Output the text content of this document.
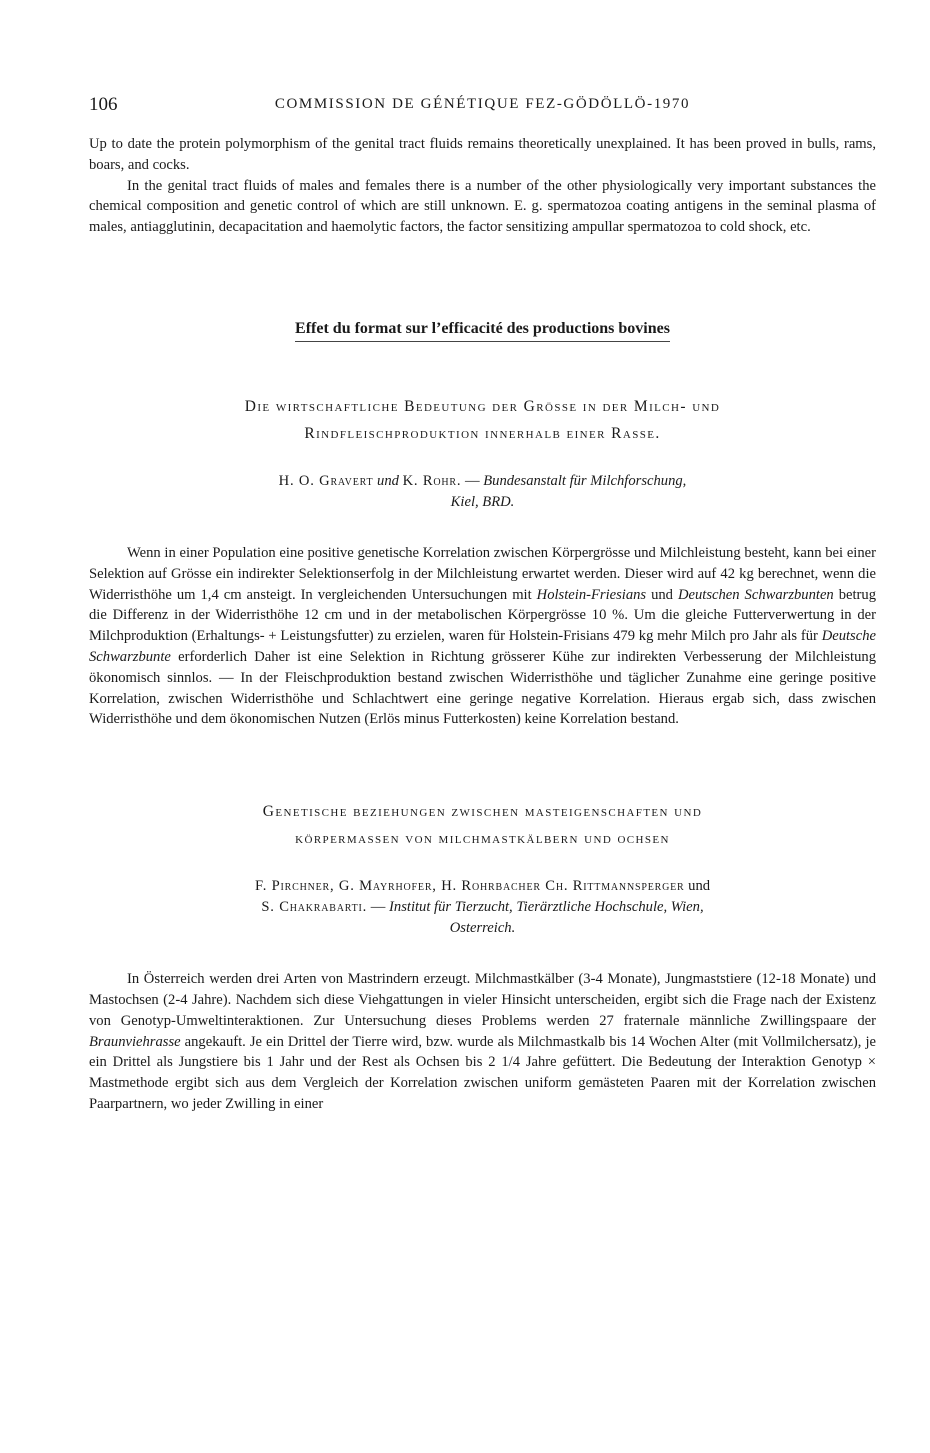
106	COMMISSION DE GÉNÉTIQUE FEZ-GÖDÖLLÖ-1970

Up to date the protein polymorphism of the genital tract fluids remains theoretically unexplained. It has been proved in bulls, rams, boars, and cocks.

In the genital tract fluids of males and females there is a number of the other physiologically very important substances the chemical composition and genetic control of which are still unknown. E. g. spermatozoa coating antigens in the seminal plasma of males, antiagglutinin, decapacitation and haemolytic factors, the factor sensitizing ampullar spermatozoa to cold shock, etc.

Effet du format sur l’efficacité des productions bovines
Die wirtschaftliche Bedeutung der Grösse in der Milch- und
Rindfleischproduktion innerhalb einer Rasse.
H. O. Gravert und K. Rohr. — Bundesanstalt für Milchforschung,
Kiel, BRD.

Wenn in einer Population eine positive genetische Korrelation zwischen Körpergrösse und Milchleistung besteht, kann bei einer Selektion auf Grösse ein indirekter Selektionserfolg in der Milchleistung erwartet werden. Dieser wird auf 42 kg berechnet, wenn die Widerristhöhe um 1,4 cm ansteigt. In vergleichenden Untersuchungen mit Holstein-Friesians und Deutschen Schwarzbunten betrug die Differenz in der Widerristhöhe 12 cm und in der metabolischen Körpergrösse 10 %. Um die gleiche Futterverwertung in der Milchproduktion (Erhaltungs- + Leistungsfutter) zu erzielen, waren für Holstein-Frisians 479 kg mehr Milch pro Jahr als für Deutsche Schwarzbunte erforderlich Daher ist eine Selektion in Richtung grösserer Kühe zur indirekten Verbesserung der Milchleistung ökonomisch sinnlos. — In der Fleischproduktion bestand zwischen Widerristhöhe und täglicher Zunahme eine geringe positive Korrelation, zwischen Widerristhöhe und Schlachtwert eine geringe negative Korrelation. Hieraus ergab sich, dass zwischen Widerristhöhe und dem ökonomischen Nutzen (Erlös minus Futterkosten) keine Korrelation bestand.

Genetische beziehungen zwischen masteigenschaften und
körpermassen von milchmastkälbern und ochsen
F. Pirchner, G. Mayrhofer, H. Rohrbacher Ch. Rittmannsperger und
S. Chakrabarti. — Institut für Tierzucht, Tierärztliche Hochschule, Wien,
Osterreich.

In Österreich werden drei Arten von Mastrindern erzeugt. Milchmastkälber (3-4 Monate), Jungmaststiere (12-18 Monate) und Mastochsen (2-4 Jahre). Nachdem sich diese Viehgattungen in vieler Hinsicht unterscheiden, ergibt sich die Frage nach der Existenz von Genotyp-Umweltinteraktionen. Zur Untersuchung dieses Problems werden 27 fraternale männliche Zwillingspaare der Braunviehrasse angekauft. Je ein Drittel der Tierre wird, bzw. wurde als Milchmastkalb bis 14 Wochen Alter (mit Vollmilchersatz), je ein Drittel als Jungstiere bis 1 Jahr und der Rest als Ochsen bis 2 1/4 Jahre gefüttert. Die Bedeutung der Interaktion Genotyp × Mastmethode ergibt sich aus dem Vergleich der Korrelation zwischen uniform gemästeten Paaren mit der Korrelation zwischen Paarpartnern, wo jeder Zwilling in einer
